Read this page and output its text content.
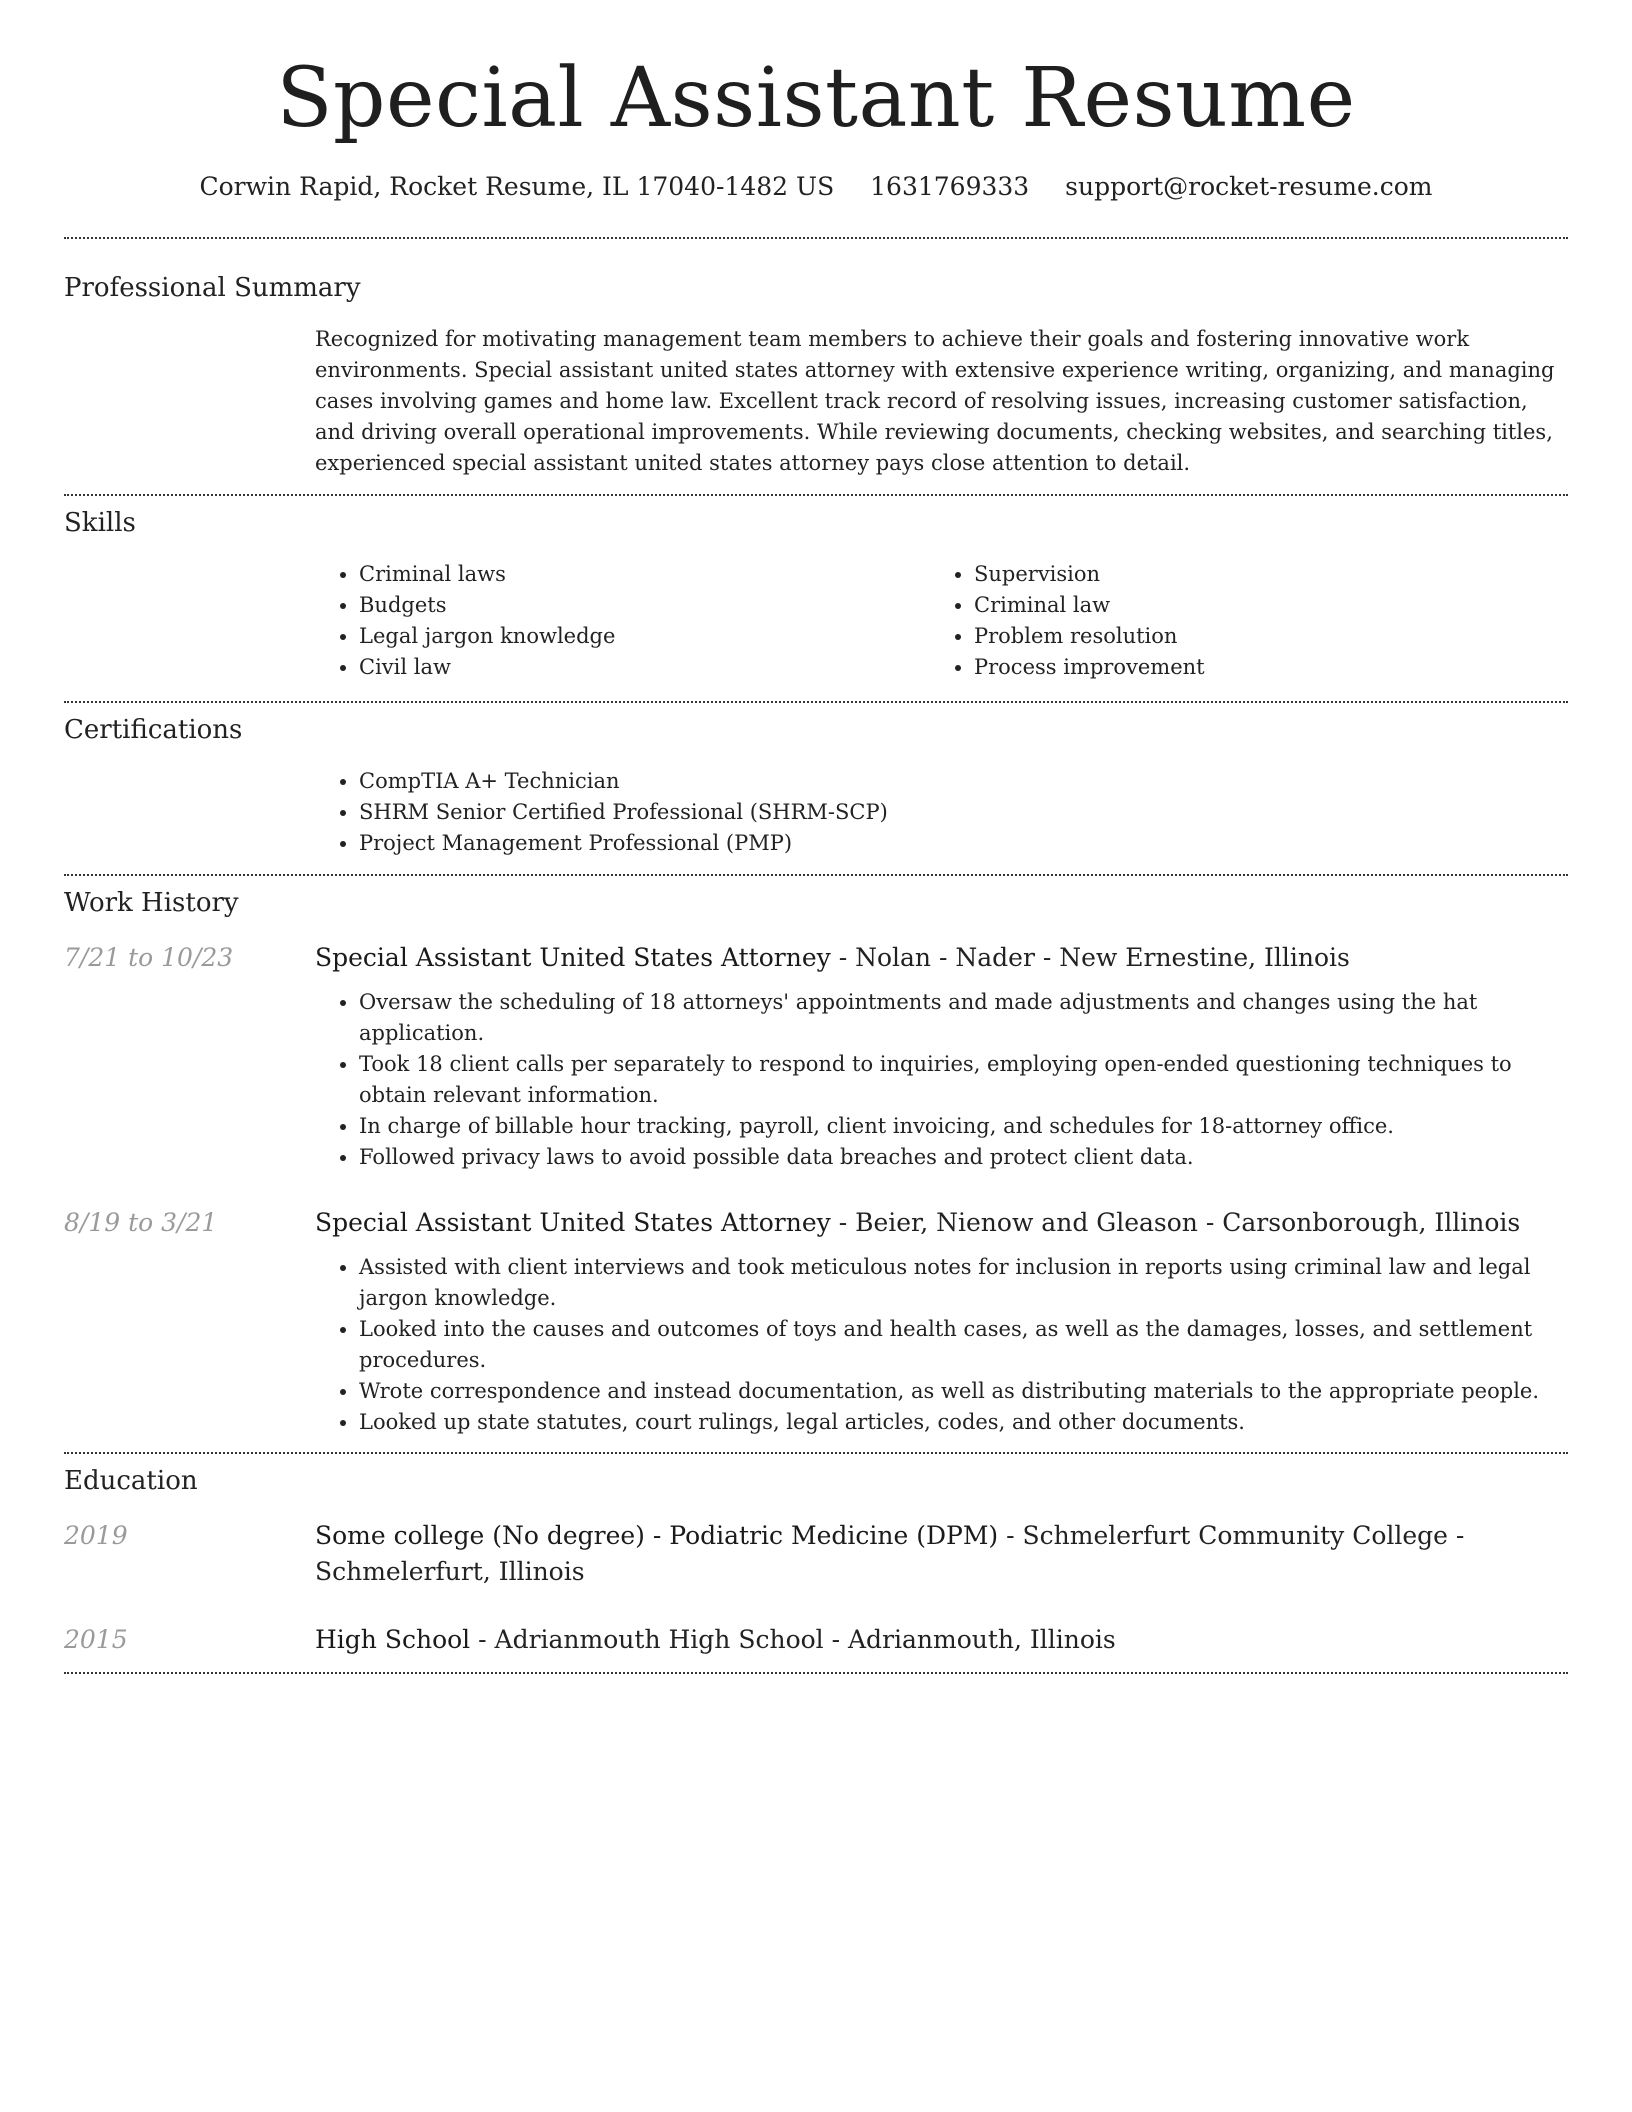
Special Assistant Resume
Corwin Rapid, Rocket Resume, IL 17040-1482 US 1631769333 support@rocket-resume.com
Professional Summary
Recognized for motivating management team members to achieve their goals and fostering innovative work environments. Special assistant united states attorney with extensive experience writing, organizing, and managing cases involving games and home law. Excellent track record of resolving issues, increasing customer satisfaction, and driving overall operational improvements. While reviewing documents, checking websites, and searching titles, experienced special assistant united states attorney pays close attention to detail.
Skills
• Criminal laws
• Budgets
• Legal jargon knowledge
• Civil law
• Supervision
• Criminal law
• Problem resolution
• Process improvement
Certifications
• CompTIA A+ Technician
• SHRM Senior Certified Professional (SHRM-SCP)
• Project Management Professional (PMP)
Work History
7/21 to 10/23	Special Assistant United States Attorney - Nolan - Nader - New Ernestine, Illinois
• Oversaw the scheduling of 18 attorneys' appointments and made adjustments and changes using the hat application.
• Took 18 client calls per separately to respond to inquiries, employing open-ended questioning techniques to obtain relevant information.
• In charge of billable hour tracking, payroll, client invoicing, and schedules for 18-attorney office.
• Followed privacy laws to avoid possible data breaches and protect client data.
8/19 to 3/21	Special Assistant United States Attorney - Beier, Nienow and Gleason - Carsonborough, Illinois
• Assisted with client interviews and took meticulous notes for inclusion in reports using criminal law and legal jargon knowledge.
• Looked into the causes and outcomes of toys and health cases, as well as the damages, losses, and settlement procedures.
• Wrote correspondence and instead documentation, as well as distributing materials to the appropriate people.
• Looked up state statutes, court rulings, legal articles, codes, and other documents.
Education
2019	Some college (No degree) - Podiatric Medicine (DPM) - Schmelerfurt Community College - Schmelerfurt, Illinois
2015	High School - Adrianmouth High School - Adrianmouth, Illinois
